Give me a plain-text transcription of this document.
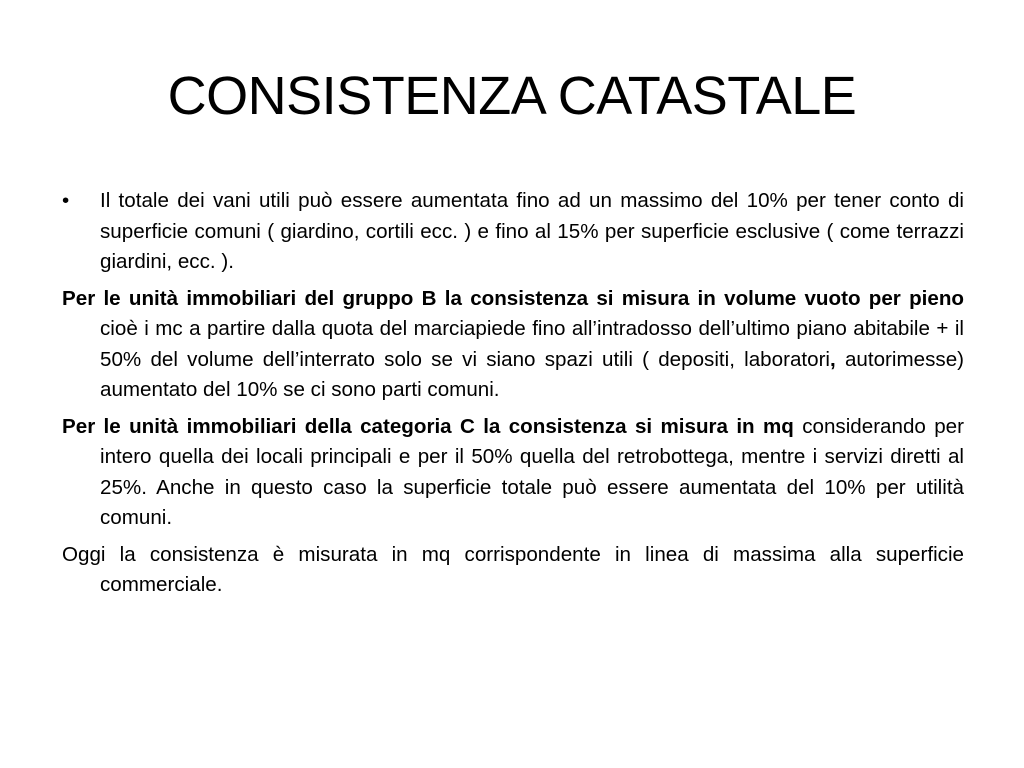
CONSISTENZA CATASTALE

•	Il totale dei vani utili può essere aumentata fino ad un massimo del 10% per tener conto di superficie comuni ( giardino, cortili ecc. ) e fino al 15% per superficie esclusive ( come terrazzi giardini, ecc. ).

Per le unità immobiliari del gruppo B la consistenza si misura in volume vuoto per pieno cioè i mc a partire dalla quota del marciapiede fino all’intradosso dell’ultimo piano abitabile + il 50% del volume dell’interrato solo se vi siano spazi utili ( depositi, laboratori, autorimesse) aumentato del 10% se ci sono parti comuni.

Per le unità immobiliari della categoria C la consistenza si misura in mq considerando per intero quella dei locali principali e per il 50% quella del retrobottega, mentre i servizi diretti al 25%. Anche in questo caso la superficie totale può essere aumentata del 10% per utilità comuni.

Oggi la consistenza è misurata in mq corrispondente in linea di massima alla superficie commerciale.
